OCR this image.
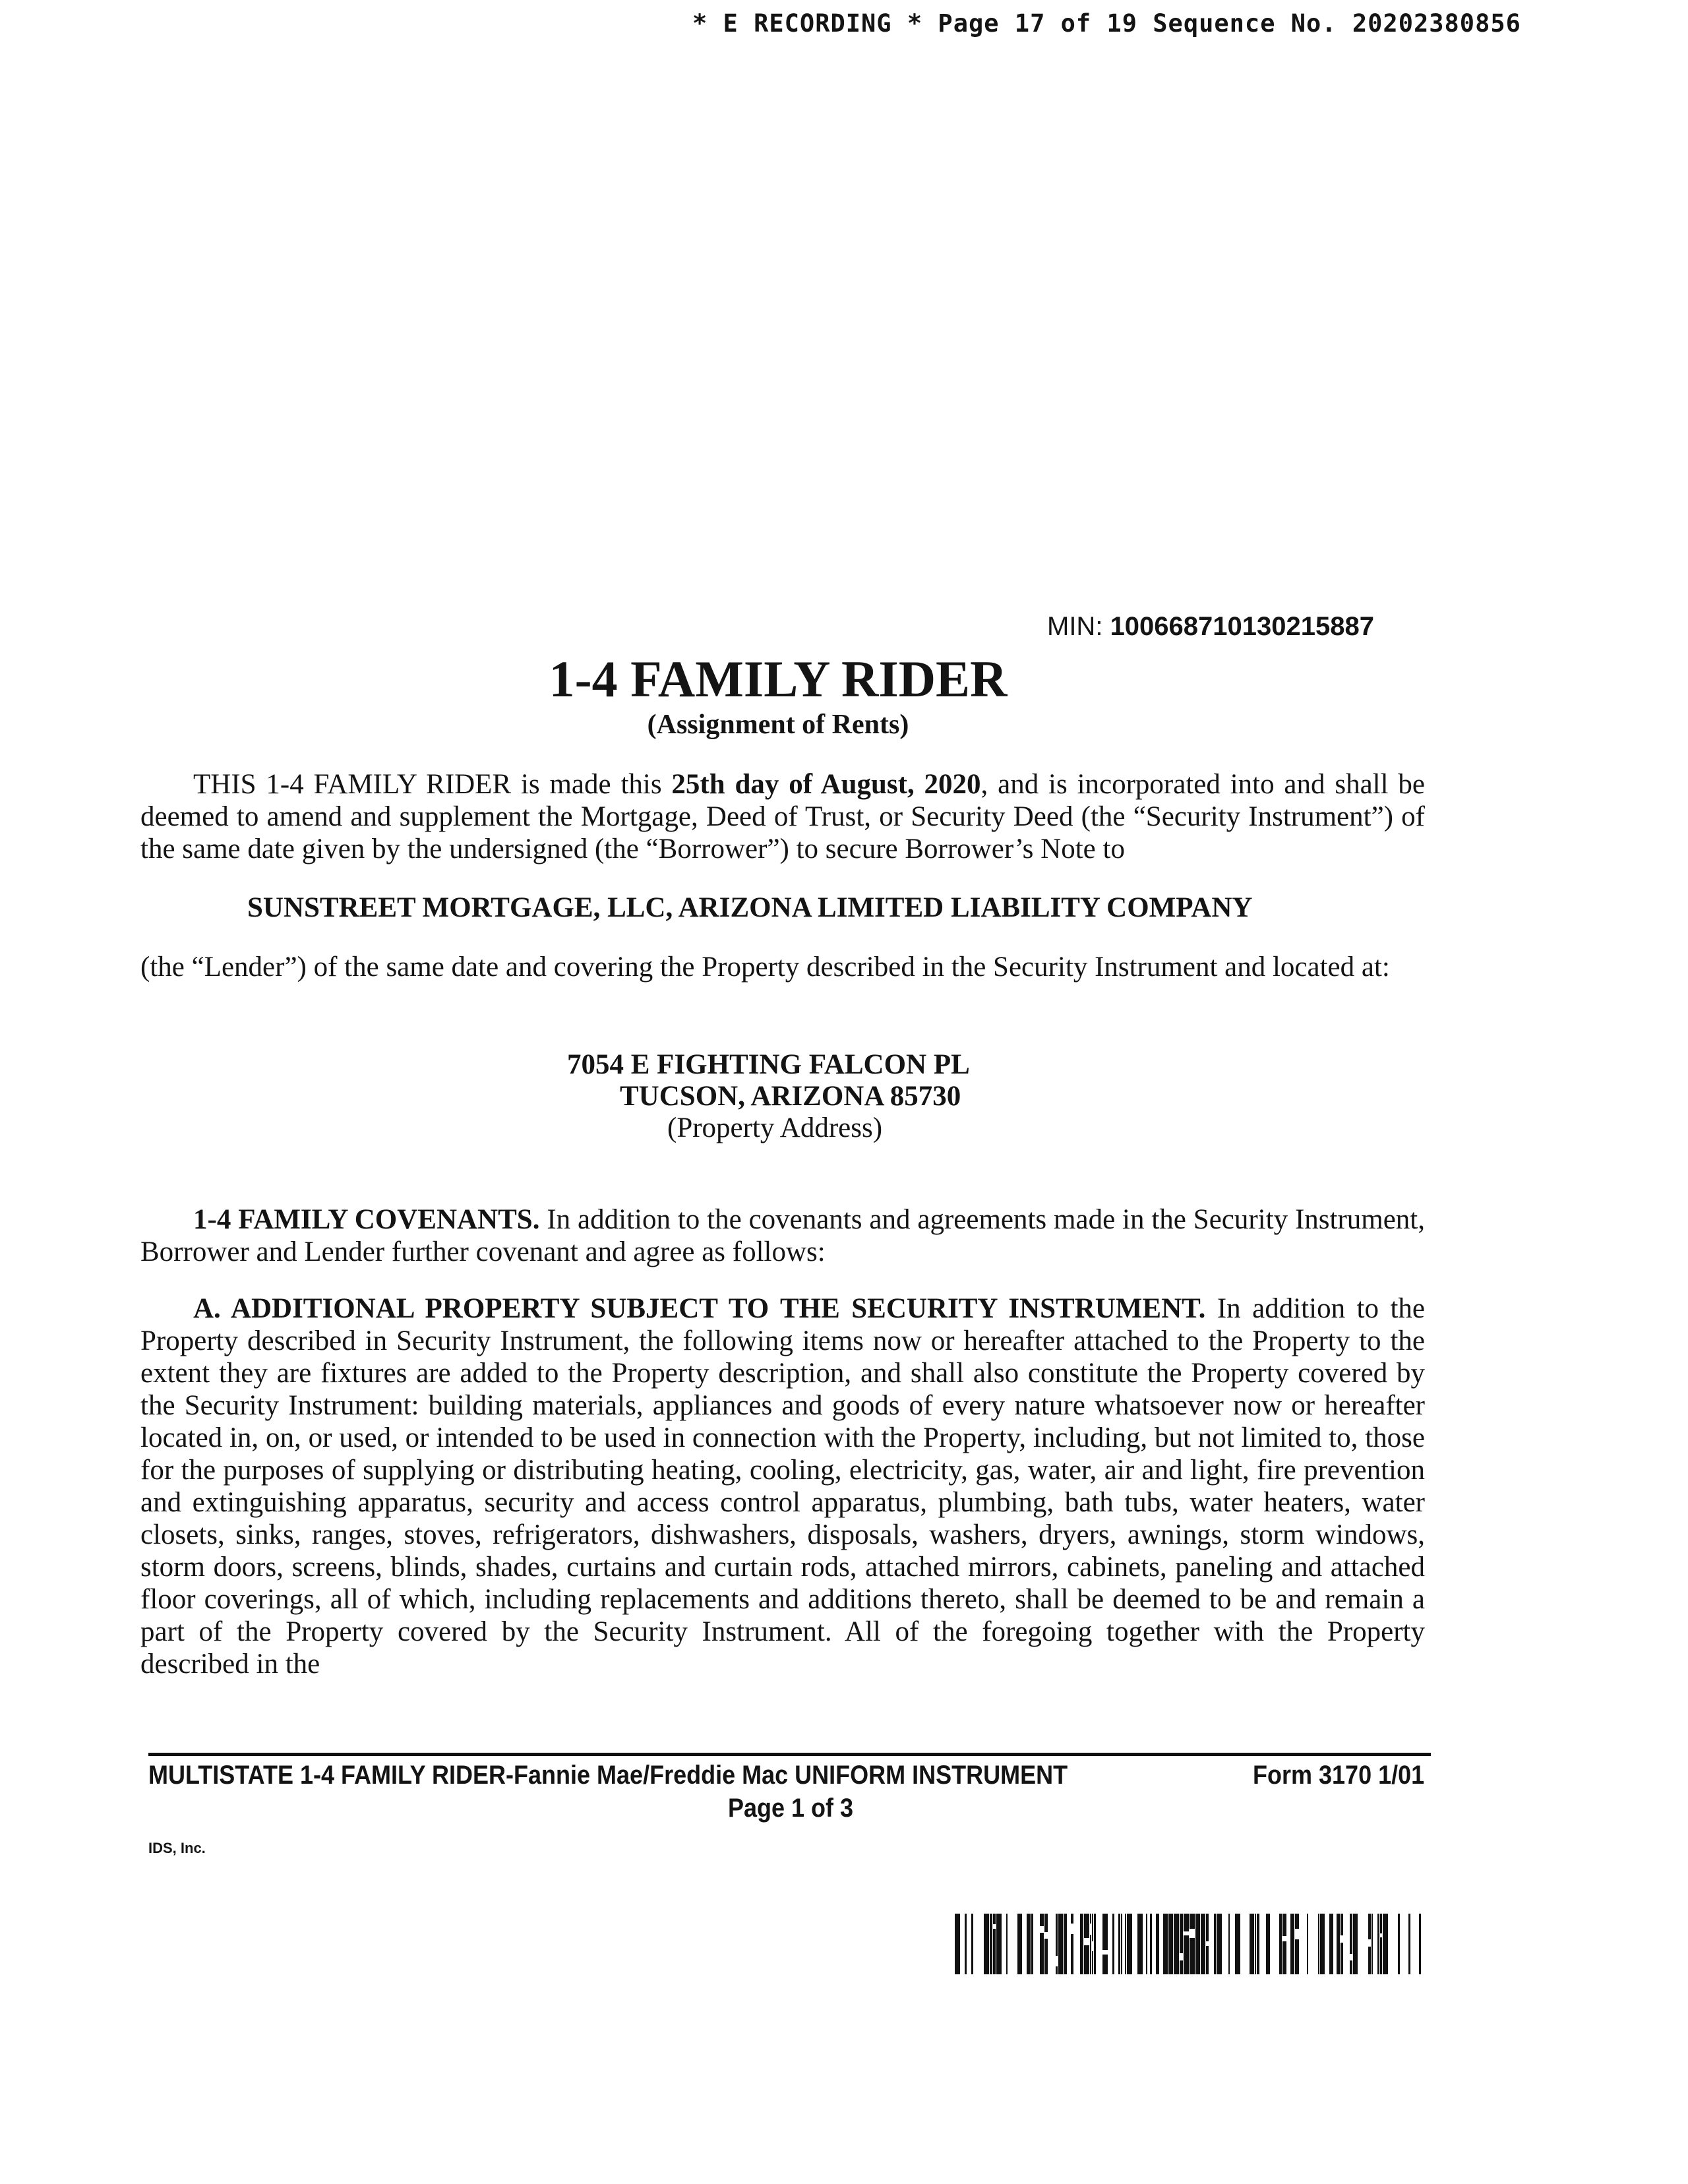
* E RECORDING * Page 17 of 19 Sequence No. 20202380856
MIN: 100668710130215887
1-4 FAMILY RIDER
(Assignment of Rents)
THIS 1-4 FAMILY RIDER is made this 25th day of August, 2020, and is incorporated into and shall be deemed to amend and supplement the Mortgage, Deed of Trust, or Security Deed (the “Security Instrument”) of the same date given by the undersigned (the “Borrower”) to secure Borrower’s Note to
SUNSTREET MORTGAGE, LLC, ARIZONA LIMITED LIABILITY COMPANY
(the “Lender”) of the same date and covering the Property described in the Security Instrument and located at:
7054 E FIGHTING FALCON PL
TUCSON, ARIZONA 85730
(Property Address)
1-4 FAMILY COVENANTS. In addition to the covenants and agreements made in the Security Instrument, Borrower and Lender further covenant and agree as follows:
A. ADDITIONAL PROPERTY SUBJECT TO THE SECURITY INSTRUMENT. In addition to the Property described in Security Instrument, the following items now or hereafter attached to the Property to the extent they are fixtures are added to the Property description, and shall also constitute the Property covered by the Security Instrument: building materials, appliances and goods of every nature whatsoever now or hereafter located in, on, or used, or intended to be used in connection with the Property, including, but not limited to, those for the purposes of supplying or distributing heating, cooling, electricity, gas, water, air and light, fire prevention and extinguishing apparatus, security and access control apparatus, plumbing, bath tubs, water heaters, water closets, sinks, ranges, stoves, refrigerators, dishwashers, disposals, washers, dryers, awnings, storm windows, storm doors, screens, blinds, shades, curtains and curtain rods, attached mirrors, cabinets, paneling and attached floor coverings, all of which, including replacements and additions thereto, shall be deemed to be and remain a part of the Property covered by the Security Instrument. All of the foregoing together with the Property described in the
MULTISTATE 1-4 FAMILY RIDER-Fannie Mae/Freddie Mac UNIFORM INSTRUMENT	Form 3170 1/01
Page 1 of 3
IDS, Inc.
